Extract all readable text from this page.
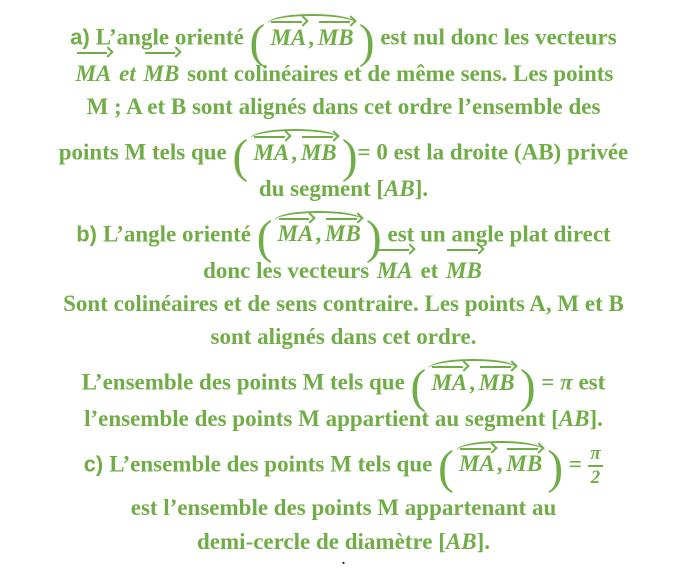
a) L’angle orienté ( MA, MB ) est nul donc les vecteurs
MA et MB sont colinéaires et de même sens. Les points
M ; A et B sont alignés dans cet ordre l’ensemble des
points M tels que ( MA, MB )= 0 est la droite (AB) privée
du segment [AB].
b) L’angle orienté ( MA, MB ) est un angle plat direct
donc les vecteurs MA et MB
Sont colinéaires et de sens contraire. Les points A, M et B
sont alignés dans cet ordre.
L’ensemble des points M tels que ( MA, MB ) = π est
l’ensemble des points M appartient au segment [AB].
c) L’ensemble des points M tels que ( MA, MB ) = $\frac{\pi}{2}$
est l’ensemble des points M appartenant au
demi-cercle de diamètre [AB].
.
